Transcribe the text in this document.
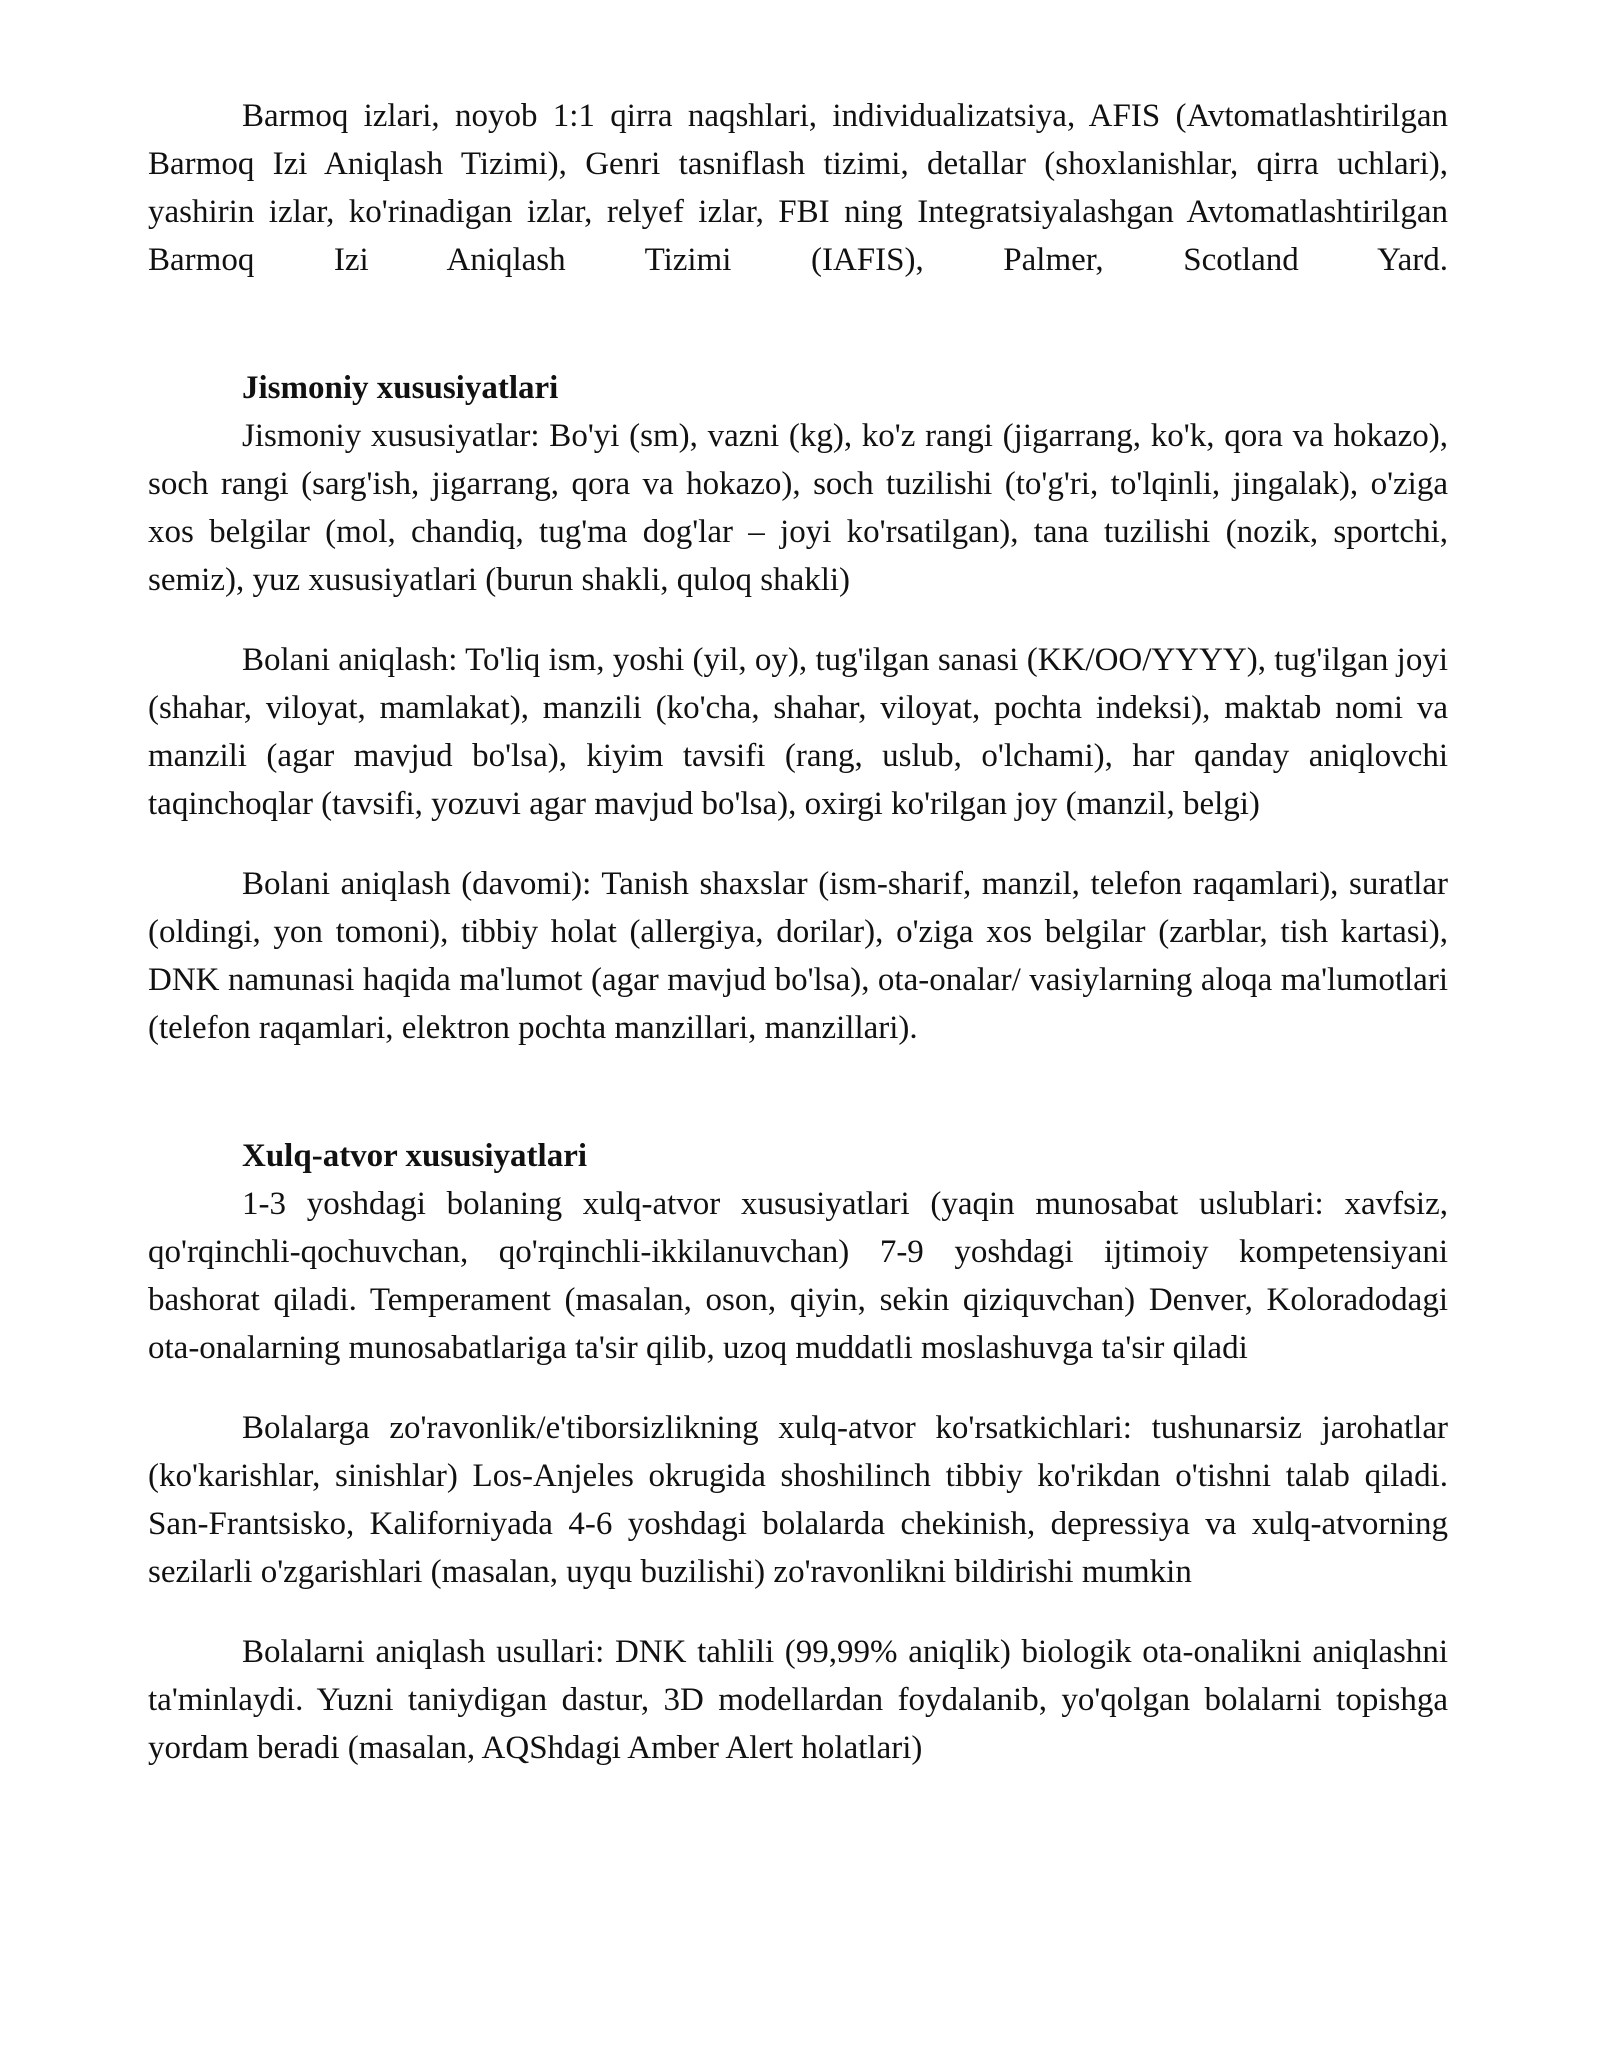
Barmoq izlari, noyob 1:1 qirra naqshlari, individualizatsiya, AFIS (Avtomatlashtirilgan Barmoq Izi Aniqlash Tizimi), Genri tasniflash tizimi, detallar (shoxlanishlar, qirra uchlari), yashirin izlar, ko'rinadigan izlar, relyef izlar, FBI ning Integratsiyalashgan Avtomatlashtirilgan Barmoq Izi Aniqlash Tizimi (IAFIS), Palmer, Scotland Yard.

Jismoniy xususiyatlari

Jismoniy xususiyatlar: Bo'yi (sm), vazni (kg), ko'z rangi (jigarrang, ko'k, qora va hokazo), soch rangi (sarg'ish, jigarrang, qora va hokazo), soch tuzilishi (to'g'ri, to'lqinli, jingalak), o'ziga xos belgilar (mol, chandiq, tug'ma dog'lar – joyi ko'rsatilgan), tana tuzilishi (nozik, sportchi, semiz), yuz xususiyatlari (burun shakli, quloq shakli)

Bolani aniqlash: To'liq ism, yoshi (yil, oy), tug'ilgan sanasi (KK/OO/YYYY), tug'ilgan joyi (shahar, viloyat, mamlakat), manzili (ko'cha, shahar, viloyat, pochta indeksi), maktab nomi va manzili (agar mavjud bo'lsa), kiyim tavsifi (rang, uslub, o'lchami), har qanday aniqlovchi taqinchoqlar (tavsifi, yozuvi agar mavjud bo'lsa), oxirgi ko'rilgan joy (manzil, belgi)

Bolani aniqlash (davomi): Tanish shaxslar (ism-sharif, manzil, telefon raqamlari), suratlar (oldingi, yon tomoni), tibbiy holat (allergiya, dorilar), o'ziga xos belgilar (zarblar, tish kartasi), DNK namunasi haqida ma'lumot (agar mavjud bo'lsa), ota-onalar/ vasiylarning aloqa ma'lumotlari (telefon raqamlari, elektron pochta manzillari, manzillari).

Xulq-atvor xususiyatlari

1-3 yoshdagi bolaning xulq-atvor xususiyatlari (yaqin munosabat uslublari: xavfsiz, qo'rqinchli-qochuvchan, qo'rqinchli-ikkilanuvchan) 7-9 yoshdagi ijtimoiy kompetensiyani bashorat qiladi. Temperament (masalan, oson, qiyin, sekin qiziquvchan) Denver, Koloradodagi ota-onalarning munosabatlariga ta'sir qilib, uzoq muddatli moslashuvga ta'sir qiladi

Bolalarga zo'ravonlik/e'tiborsizlikning xulq-atvor ko'rsatkichlari: tushunarsiz jarohatlar (ko'karishlar, sinishlar) Los-Anjeles okrugida shoshilinch tibbiy ko'rikdan o'tishni talab qiladi. San-Frantsisko, Kaliforniyada 4-6 yoshdagi bolalarda chekinish, depressiya va xulq-atvorning sezilarli o'zgarishlari (masalan, uyqu buzilishi) zo'ravonlikni bildirishi mumkin

Bolalarni aniqlash usullari: DNK tahlili (99,99% aniqlik) biologik ota-onalikni aniqlashni ta'minlaydi. Yuzni taniydigan dastur, 3D modellardan foydalanib, yo'qolgan bolalarni topishga yordam beradi (masalan, AQShdagi Amber Alert holatlari)
